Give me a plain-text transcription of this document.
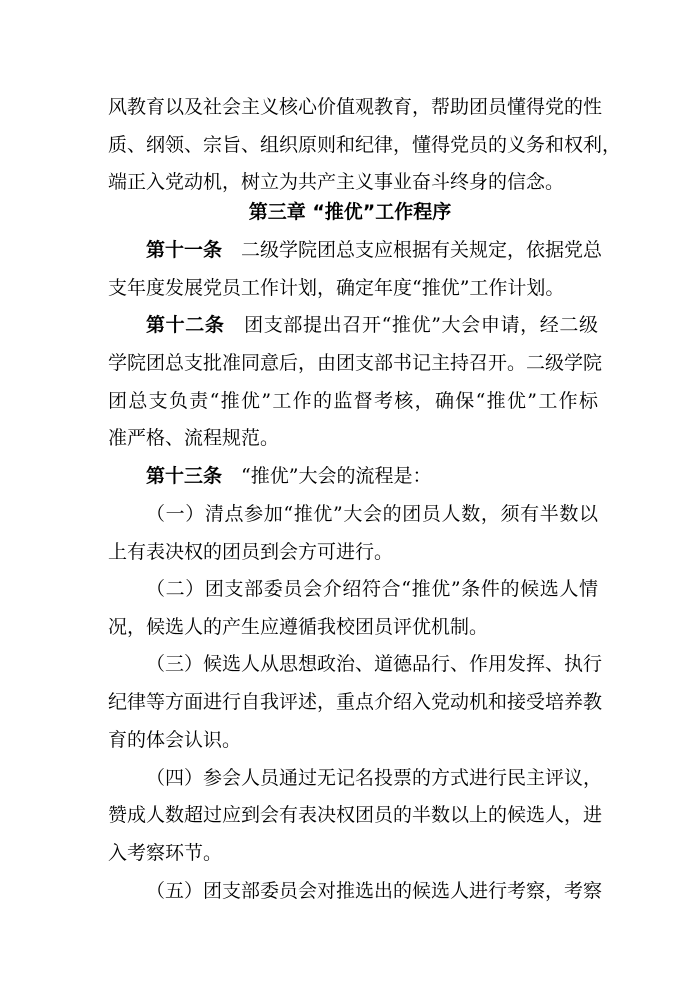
风教育以及社会主义核心价值观教育，帮助团员懂得党的性
质、纲领、宗旨、组织原则和纪律，懂得党员的义务和权利，
端正入党动机，树立为共产主义事业奋斗终身的信念。
第三章 “推优”工作程序
第十一条  二级学院团总支应根据有关规定，依据党总
支年度发展党员工作计划，确定年度“推优”工作计划。
第十二条  团支部提出召开“推优”大会申请，经二级
学院团总支批准同意后，由团支部书记主持召开。二级学院
团总支负责“推优”工作的监督考核，确保“推优”工作标
准严格、流程规范。
第十三条  “推优”大会的流程是：
（一）清点参加“推优”大会的团员人数，须有半数以
上有表决权的团员到会方可进行。
（二）团支部委员会介绍符合“推优”条件的候选人情
况，候选人的产生应遵循我校团员评优机制。
（三）候选人从思想政治、道德品行、作用发挥、执行
纪律等方面进行自我评述，重点介绍入党动机和接受培养教
育的体会认识。
（四）参会人员通过无记名投票的方式进行民主评议，
赞成人数超过应到会有表决权团员的半数以上的候选人，进
入考察环节。
（五）团支部委员会对推选出的候选人进行考察，考察
